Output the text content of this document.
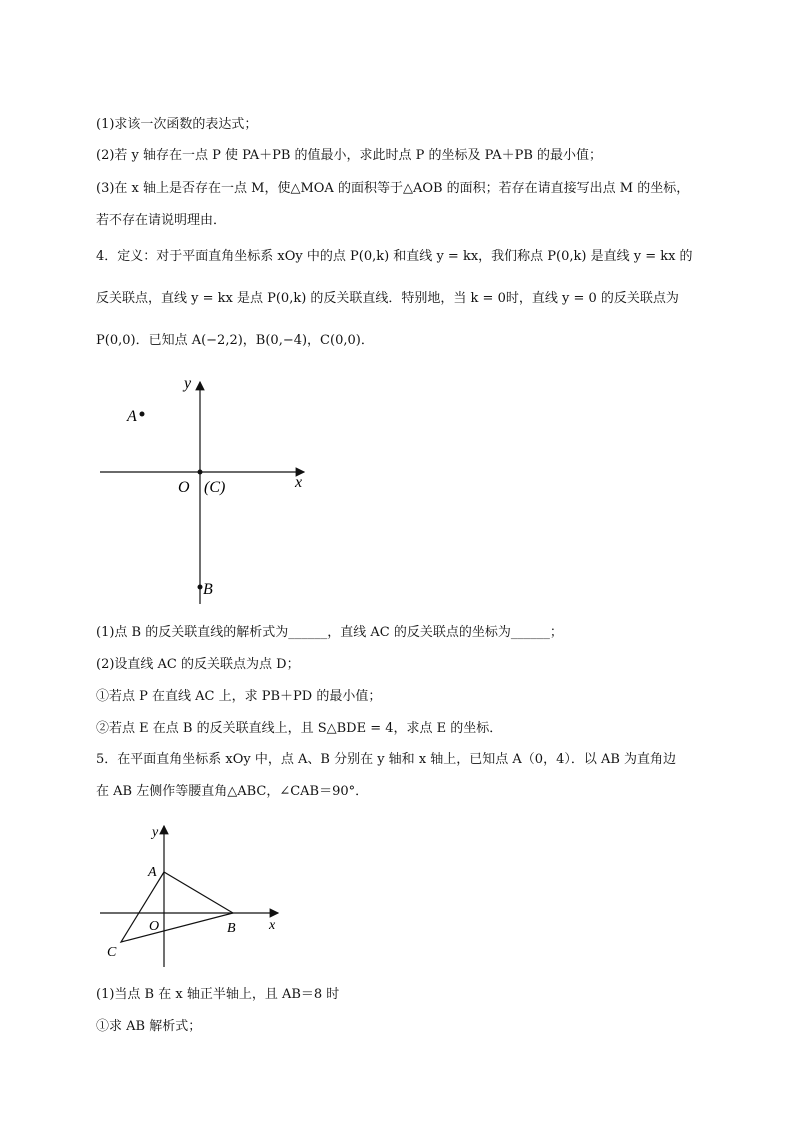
(1)求该一次函数的表达式；
(2)若 y 轴存在一点 P 使 PA＋PB 的值最小，求此时点 P 的坐标及 PA＋PB 的最小值；
(3)在 x 轴上是否存在一点 M，使△MOA 的面积等于△AOB 的面积；若存在请直接写出点 M 的坐标，
若不存在请说明理由．
4．定义：对于平面直角坐标系 xOy 中的点 P(0,k) 和直线 y = kx，我们称点 P(0,k) 是直线 y = kx 的
反关联点，直线 y = kx 是点 P(0,k) 的反关联直线．特别地，当 k = 0时，直线 y = 0 的反关联点为
P(0,0)．已知点 A(−2,2)，B(0,−4)，C(0,0)．
y
x
A
O (C)
B
(1)点 B 的反关联直线的解析式为______，直线 AC 的反关联点的坐标为______；
(2)设直线 AC 的反关联点为点 D；
①若点 P 在直线 AC 上，求 PB＋PD 的最小值；
②若点 E 在点 B 的反关联直线上，且 S△BDE = 4，求点 E 的坐标．
5．在平面直角坐标系 xOy 中，点 A、B 分别在 y 轴和 x 轴上，已知点 A（0，4）．以 AB 为直角边
在 AB 左侧作等腰直角△ABC，∠CAB＝90°．
y
x
A
O	B
C
(1)当点 B 在 x 轴正半轴上，且 AB＝8 时
①求 AB 解析式；
